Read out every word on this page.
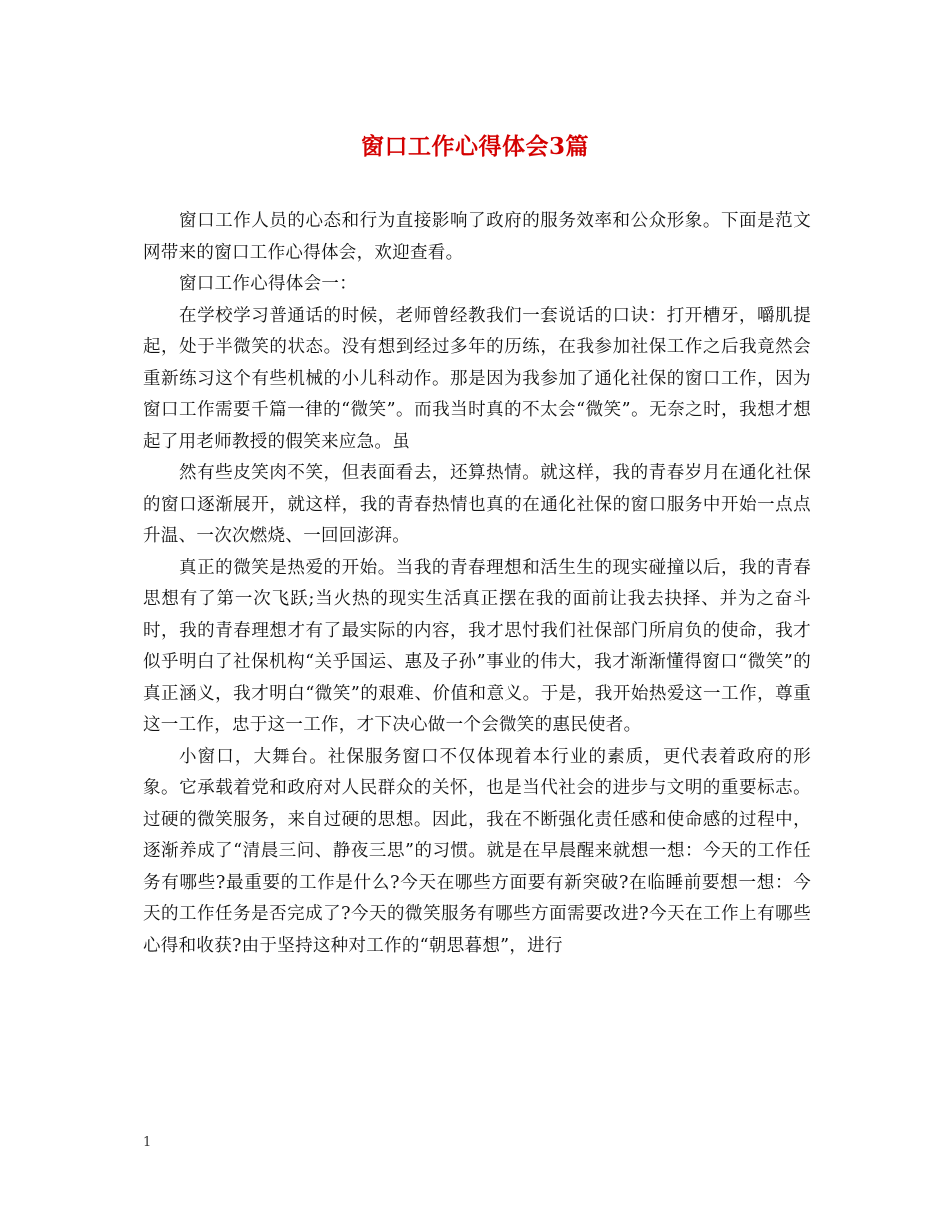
窗口工作心得体会3篇

窗口工作人员的心态和行为直接影响了政府的服务效率和公众形象。下面是范文网带来的窗口工作心得体会，欢迎查看。

窗口工作心得体会一：

在学校学习普通话的时候，老师曾经教我们一套说话的口诀：打开槽牙，嚼肌提起，处于半微笑的状态。没有想到经过多年的历练，在我参加社保工作之后我竟然会重新练习这个有些机械的小儿科动作。那是因为我参加了通化社保的窗口工作，因为窗口工作需要千篇一律的“微笑”。而我当时真的不太会“微笑”。无奈之时，我想才想起了用老师教授的假笑来应急。虽

然有些皮笑肉不笑，但表面看去，还算热情。就这样，我的青春岁月在通化社保的窗口逐渐展开，就这样，我的青春热情也真的在通化社保的窗口服务中开始一点点升温、一次次燃烧、一回回澎湃。

真正的微笑是热爱的开始。当我的青春理想和活生生的现实碰撞以后，我的青春思想有了第一次飞跃;当火热的现实生活真正摆在我的面前让我去抉择、并为之奋斗时，我的青春理想才有了最实际的内容，我才思忖我们社保部门所肩负的使命，我才似乎明白了社保机构“关乎国运、惠及子孙”事业的伟大，我才渐渐懂得窗口“微笑”的真正涵义，我才明白“微笑”的艰难、价值和意义。于是，我开始热爱这一工作，尊重这一工作，忠于这一工作，才下决心做一个会微笑的惠民使者。

小窗口，大舞台。社保服务窗口不仅体现着本行业的素质，更代表着政府的形象。它承载着党和政府对人民群众的关怀，也是当代社会的进步与文明的重要标志。过硬的微笑服务，来自过硬的思想。因此，我在不断强化责任感和使命感的过程中，逐渐养成了“清晨三问、静夜三思”的习惯。就是在早晨醒来就想一想：今天的工作任务有哪些?最重要的工作是什么?今天在哪些方面要有新突破?在临睡前要想一想：今天的工作任务是否完成了?今天的微笑服务有哪些方面需要改进?今天在工作上有哪些心得和收获?由于坚持这种对工作的“朝思暮想”，进行

1
